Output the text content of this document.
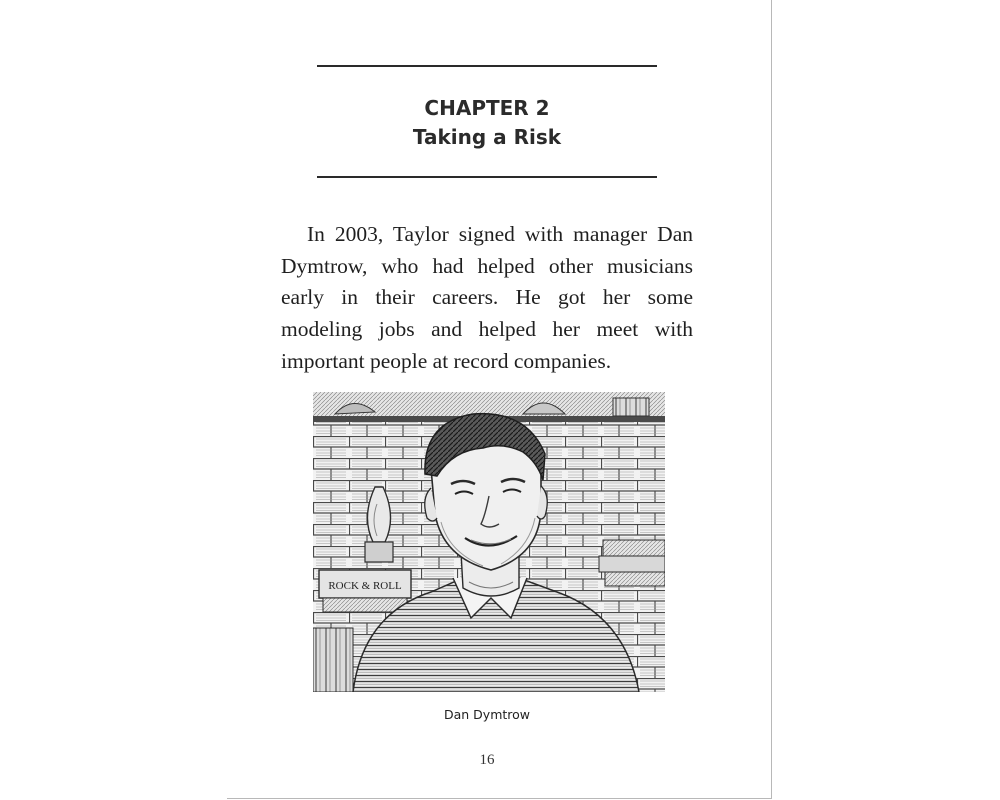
CHAPTER 2
Taking a Risk

In 2003, Taylor signed with manager Dan Dymtrow, who had helped other musicians early in their careers. He got her some modeling jobs and helped her meet with important people at record companies.

ROCK & ROLL
Dan Dymtrow
16
